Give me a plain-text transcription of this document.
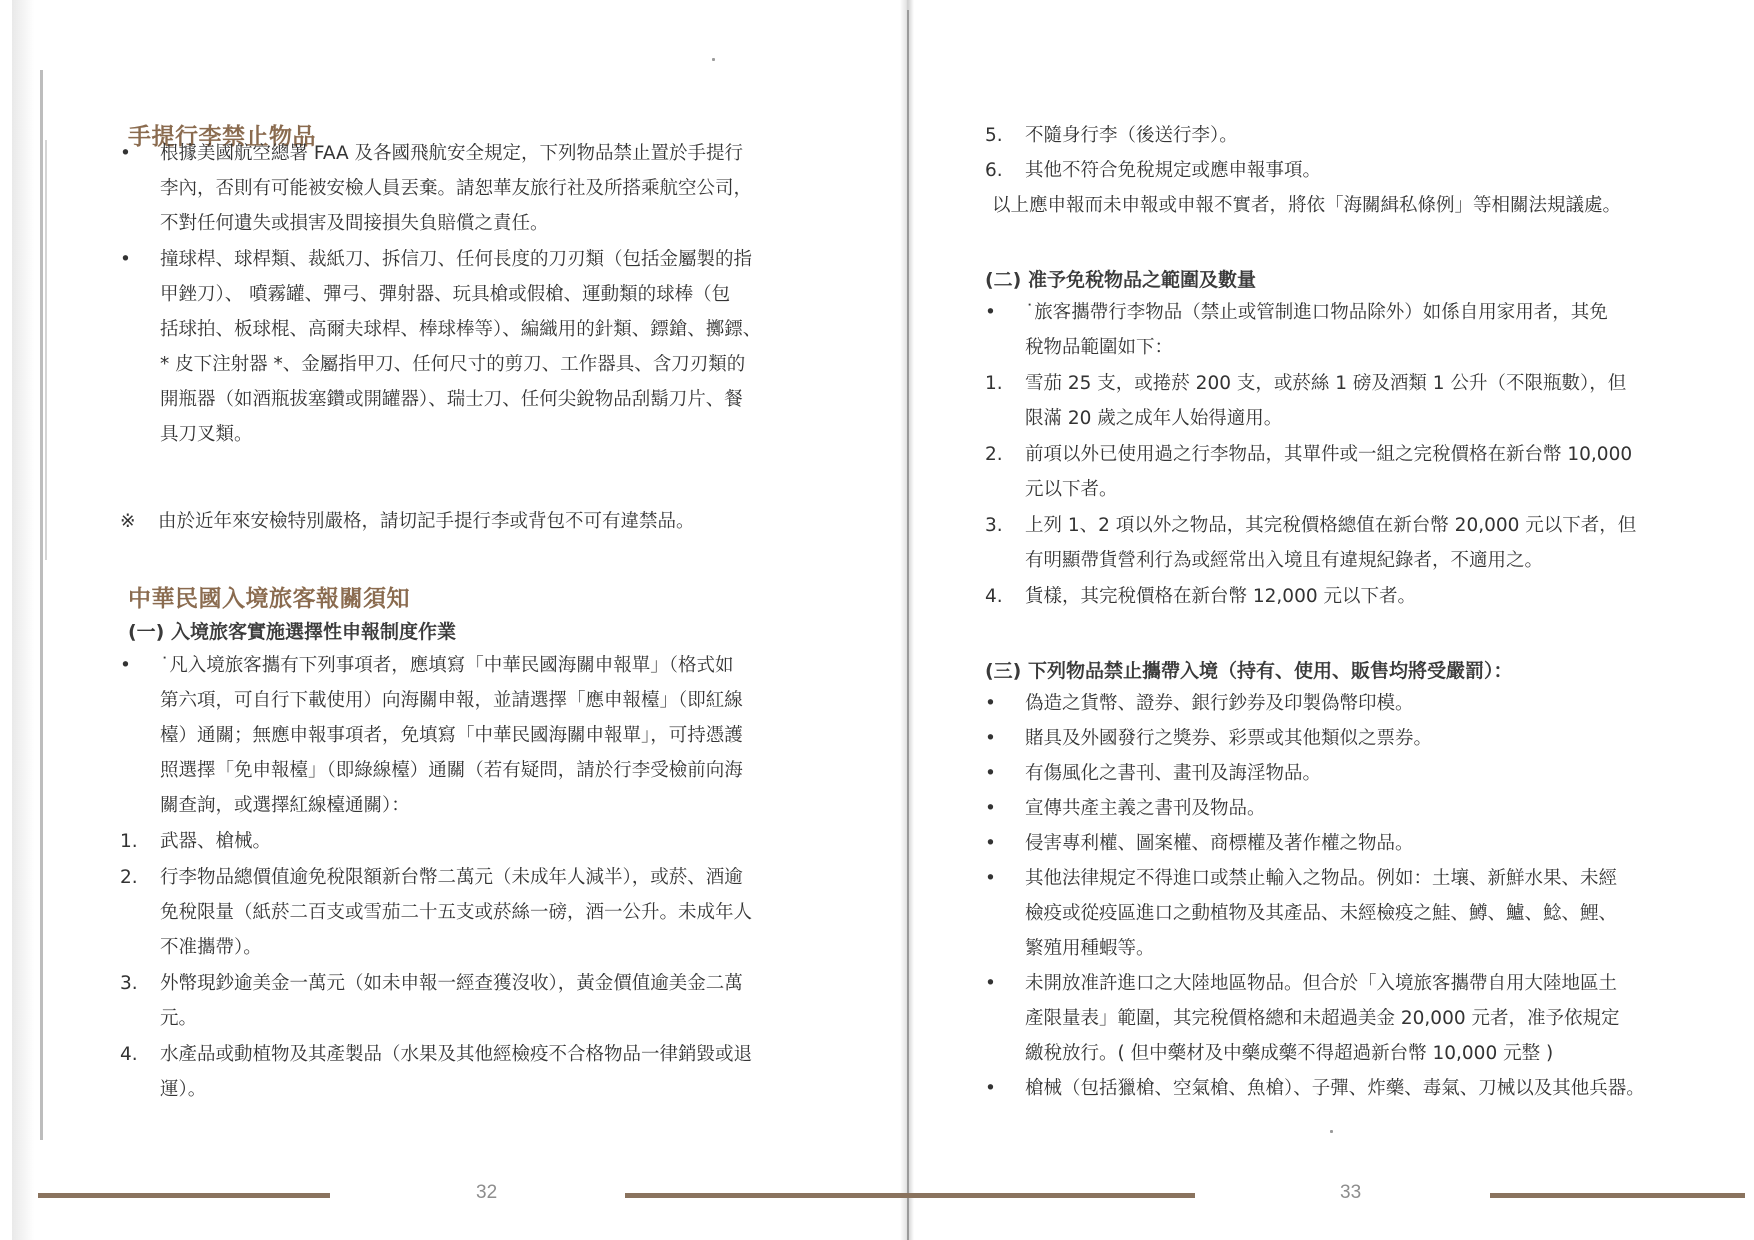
手提行李禁止物品
• 根據美國航空總署 FAA 及各國飛航安全規定，下列物品禁止置於手提行
李內，否則有可能被安檢人員丟棄。請恕華友旅行社及所搭乘航空公司，
不對任何遺失或損害及間接損失負賠償之責任。
• 撞球桿、球桿類、裁紙刀、拆信刀、任何長度的刀刃類（包括金屬製的指
甲銼刀）、 噴霧罐、彈弓、彈射器、玩具槍或假槍、運動類的球棒（包
括球拍、板球棍、高爾夫球桿、棒球棒等）、編織用的針類、鏢鎗、擲鏢、
* 皮下注射器 *、金屬指甲刀、任何尺寸的剪刀、工作器具、含刀刃類的
開瓶器（如酒瓶拔塞鑽或開罐器）、瑞士刀、任何尖銳物品刮鬍刀片、餐
具刀叉類。
※ 由於近年來安檢特別嚴格，請切記手提行李或背包不可有違禁品。
中華民國入境旅客報關須知
(一) 入境旅客實施選擇性申報制度作業
• ˙凡入境旅客攜有下列事項者，應填寫「中華民國海關申報單」（格式如
第六項，可自行下載使用）向海關申報，並請選擇「應申報檯」（即紅線
檯）通關；無應申報事項者，免填寫「中華民國海關申報單」，可持憑護
照選擇「免申報檯」（即綠線檯）通關（若有疑問，請於行李受檢前向海
關查詢，或選擇紅線檯通關）：
1. 武器、槍械。
2. 行李物品總價值逾免稅限額新台幣二萬元（未成年人減半），或菸、酒逾
免稅限量（紙菸二百支或雪茄二十五支或菸絲一磅，酒一公升。未成年人
不准攜帶）。
3. 外幣現鈔逾美金一萬元（如未申報一經查獲沒收），黃金價值逾美金二萬
元。
4. 水產品或動植物及其產製品（水果及其他經檢疫不合格物品一律銷毀或退
運）。
5. 不隨身行李（後送行李）。
6. 其他不符合免稅規定或應申報事項。
以上應申報而未申報或申報不實者，將依「海關緝私條例」等相關法規議處。
(二) 准予免稅物品之範圍及數量
• ˙旅客攜帶行李物品（禁止或管制進口物品除外）如係自用家用者，其免
稅物品範圍如下：
1. 雪茄 25 支，或捲菸 200 支，或菸絲 1 磅及酒類 1 公升（不限瓶數），但
限滿 20 歲之成年人始得適用。
2. 前項以外已使用過之行李物品，其單件或一組之完稅價格在新台幣 10,000
元以下者。
3. 上列 1、2 項以外之物品，其完稅價格總值在新台幣 20,000 元以下者，但
有明顯帶貨營利行為或經常出入境且有違規紀錄者，不適用之。
4. 貨樣，其完稅價格在新台幣 12,000 元以下者。
(三) 下列物品禁止攜帶入境（持有、使用、販售均將受嚴罰）：
• 偽造之貨幣、證券、銀行鈔券及印製偽幣印模。
• 賭具及外國發行之獎券、彩票或其他類似之票券。
• 有傷風化之書刊、畫刊及誨淫物品。
• 宣傳共產主義之書刊及物品。
• 侵害專利權、圖案權、商標權及著作權之物品。
• 其他法律規定不得進口或禁止輸入之物品。例如：土壤、新鮮水果、未經
檢疫或從疫區進口之動植物及其產品、未經檢疫之鮭、鱒、鱸、鯰、鯉、
繁殖用種蝦等。
• 未開放准許進口之大陸地區物品。但合於「入境旅客攜帶自用大陸地區土
產限量表」範圍，其完稅價格總和未超過美金 20,000 元者，准予依規定
繳稅放行。( 但中藥材及中藥成藥不得超過新台幣 10,000 元整 )
• 槍械（包括獵槍、空氣槍、魚槍）、子彈、炸藥、毒氣、刀械以及其他兵器。
32	33
